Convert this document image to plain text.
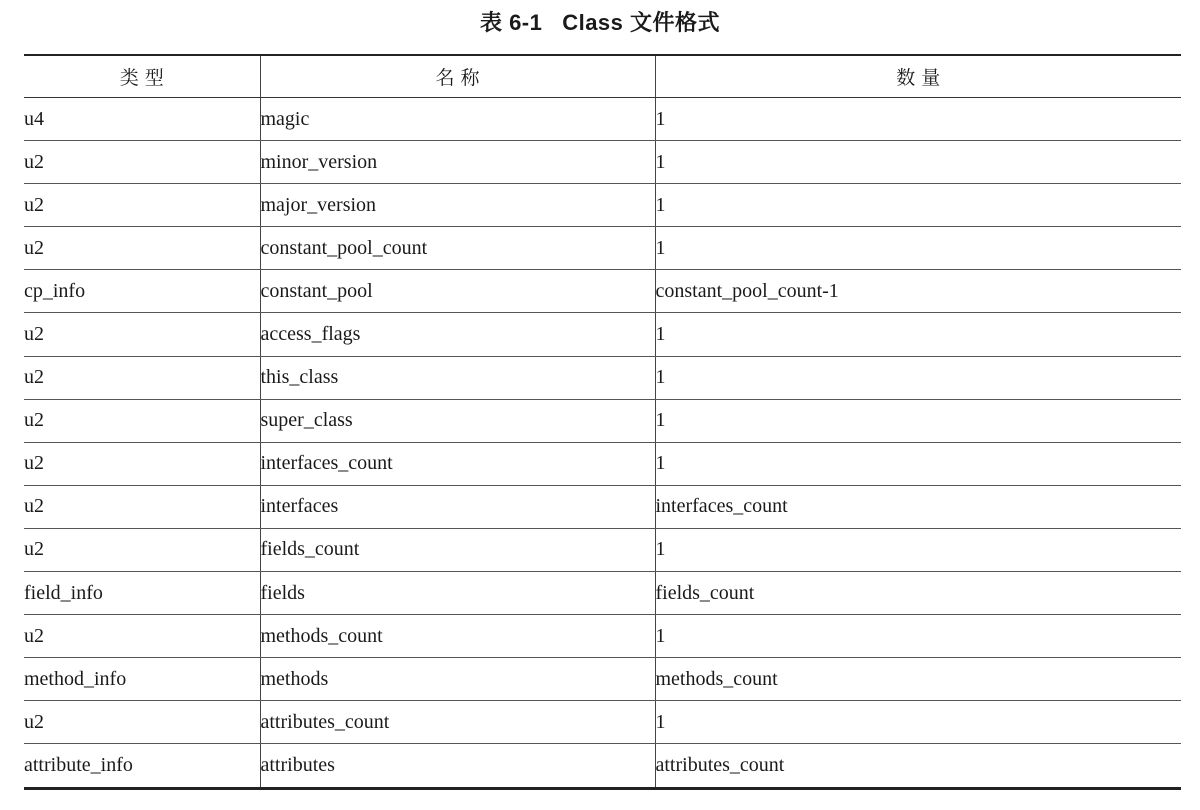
表 6-1   Class 文件格式
类 型	名 称	数 量
u4	magic	1
u2	minor_version	1
u2	major_version	1
u2	constant_pool_count	1
cp_info	constant_pool	constant_pool_count-1
u2	access_flags	1
u2	this_class	1
u2	super_class	1
u2	interfaces_count	1
u2	interfaces	interfaces_count
u2	fields_count	1
field_info	fields	fields_count
u2	methods_count	1
method_info	methods	methods_count
u2	attributes_count	1
attribute_info	attributes	attributes_count
